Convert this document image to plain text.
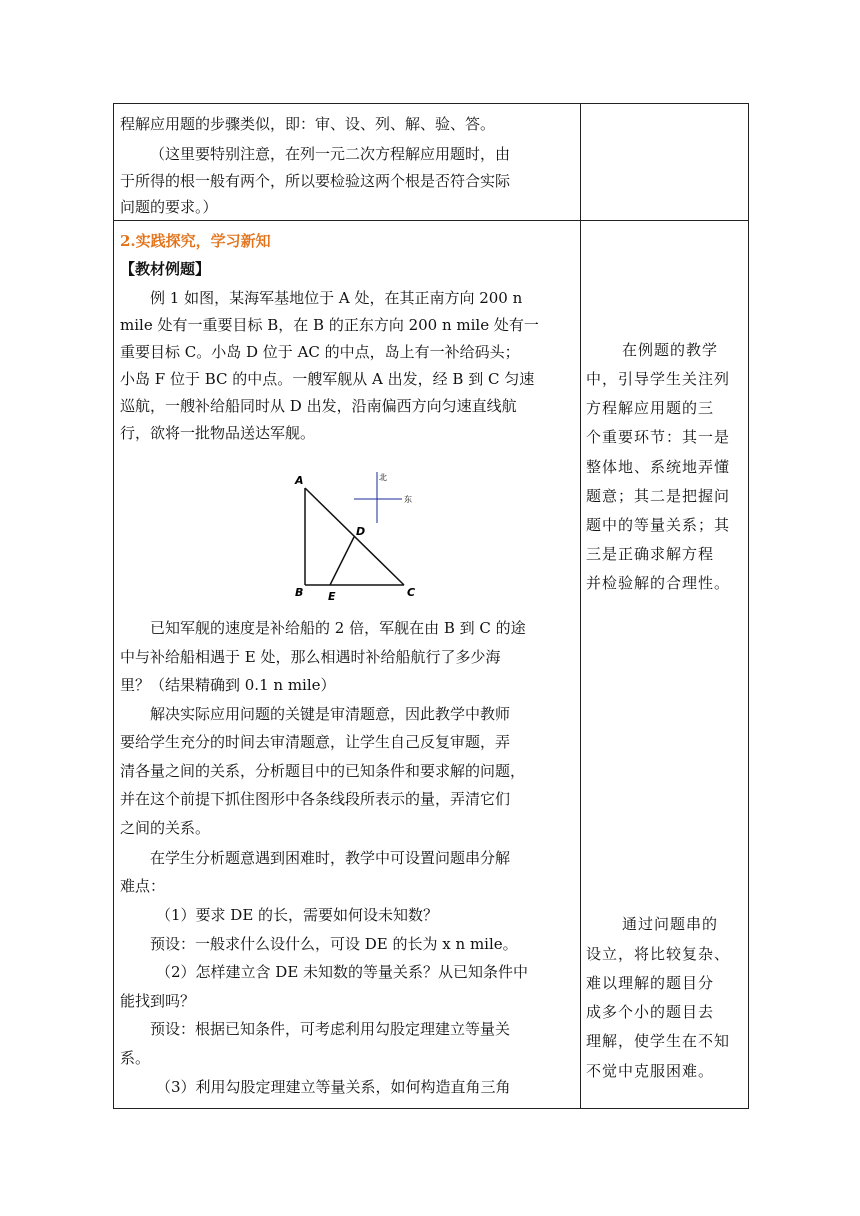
程解应用题的步骤类似，即：审、设、列、解、验、答。
（这里要特别注意，在列一元二次方程解应用题时，由
于所得的根一般有两个，所以要检验这两个根是否符合实际
问题的要求。）
2.实践探究，学习新知
【教材例题】
例 1 如图，某海军基地位于 A 处，在其正南方向 200 n
mile 处有一重要目标 B，在 B 的正东方向 200 n mile 处有一
重要目标 C。小岛 D 位于 AC 的中点，岛上有一补给码头；
小岛 F 位于 BC 的中点。一艘军舰从 A 出发，经 B 到 C 匀速
巡航，一艘补给船同时从 D 出发，沿南偏西方向匀速直线航
行，欲将一批物品送达军舰。
A
B	C
D
E
北
东
已知军舰的速度是补给船的 2 倍，军舰在由 B 到 C 的途
中与补给船相遇于 E 处，那么相遇时补给船航行了多少海
里？（结果精确到 0.1 n mile）
解决实际应用问题的关键是审清题意，因此教学中教师
要给学生充分的时间去审清题意，让学生自己反复审题，弄
清各量之间的关系，分析题目中的已知条件和要求解的问题，
并在这个前提下抓住图形中各条线段所表示的量，弄清它们
之间的关系。
在学生分析题意遇到困难时，教学中可设置问题串分解
难点：
（1）要求 DE 的长，需要如何设未知数？
预设：一般求什么设什么，可设 DE 的长为 x n mile。
（2）怎样建立含 DE 未知数的等量关系？从已知条件中
能找到吗？
预设：根据已知条件，可考虑利用勾股定理建立等量关
系。
（3）利用勾股定理建立等量关系，如何构造直角三角
在例题的教学
中，引导学生关注列
方程解应用题的三
个重要环节：其一是
整体地、系统地弄懂
题意；其二是把握问
题中的等量关系；其
三是正确求解方程
并检验解的合理性。
通过问题串的
设立，将比较复杂、
难以理解的题目分
成多个小的题目去
理解，使学生在不知
不觉中克服困难。
